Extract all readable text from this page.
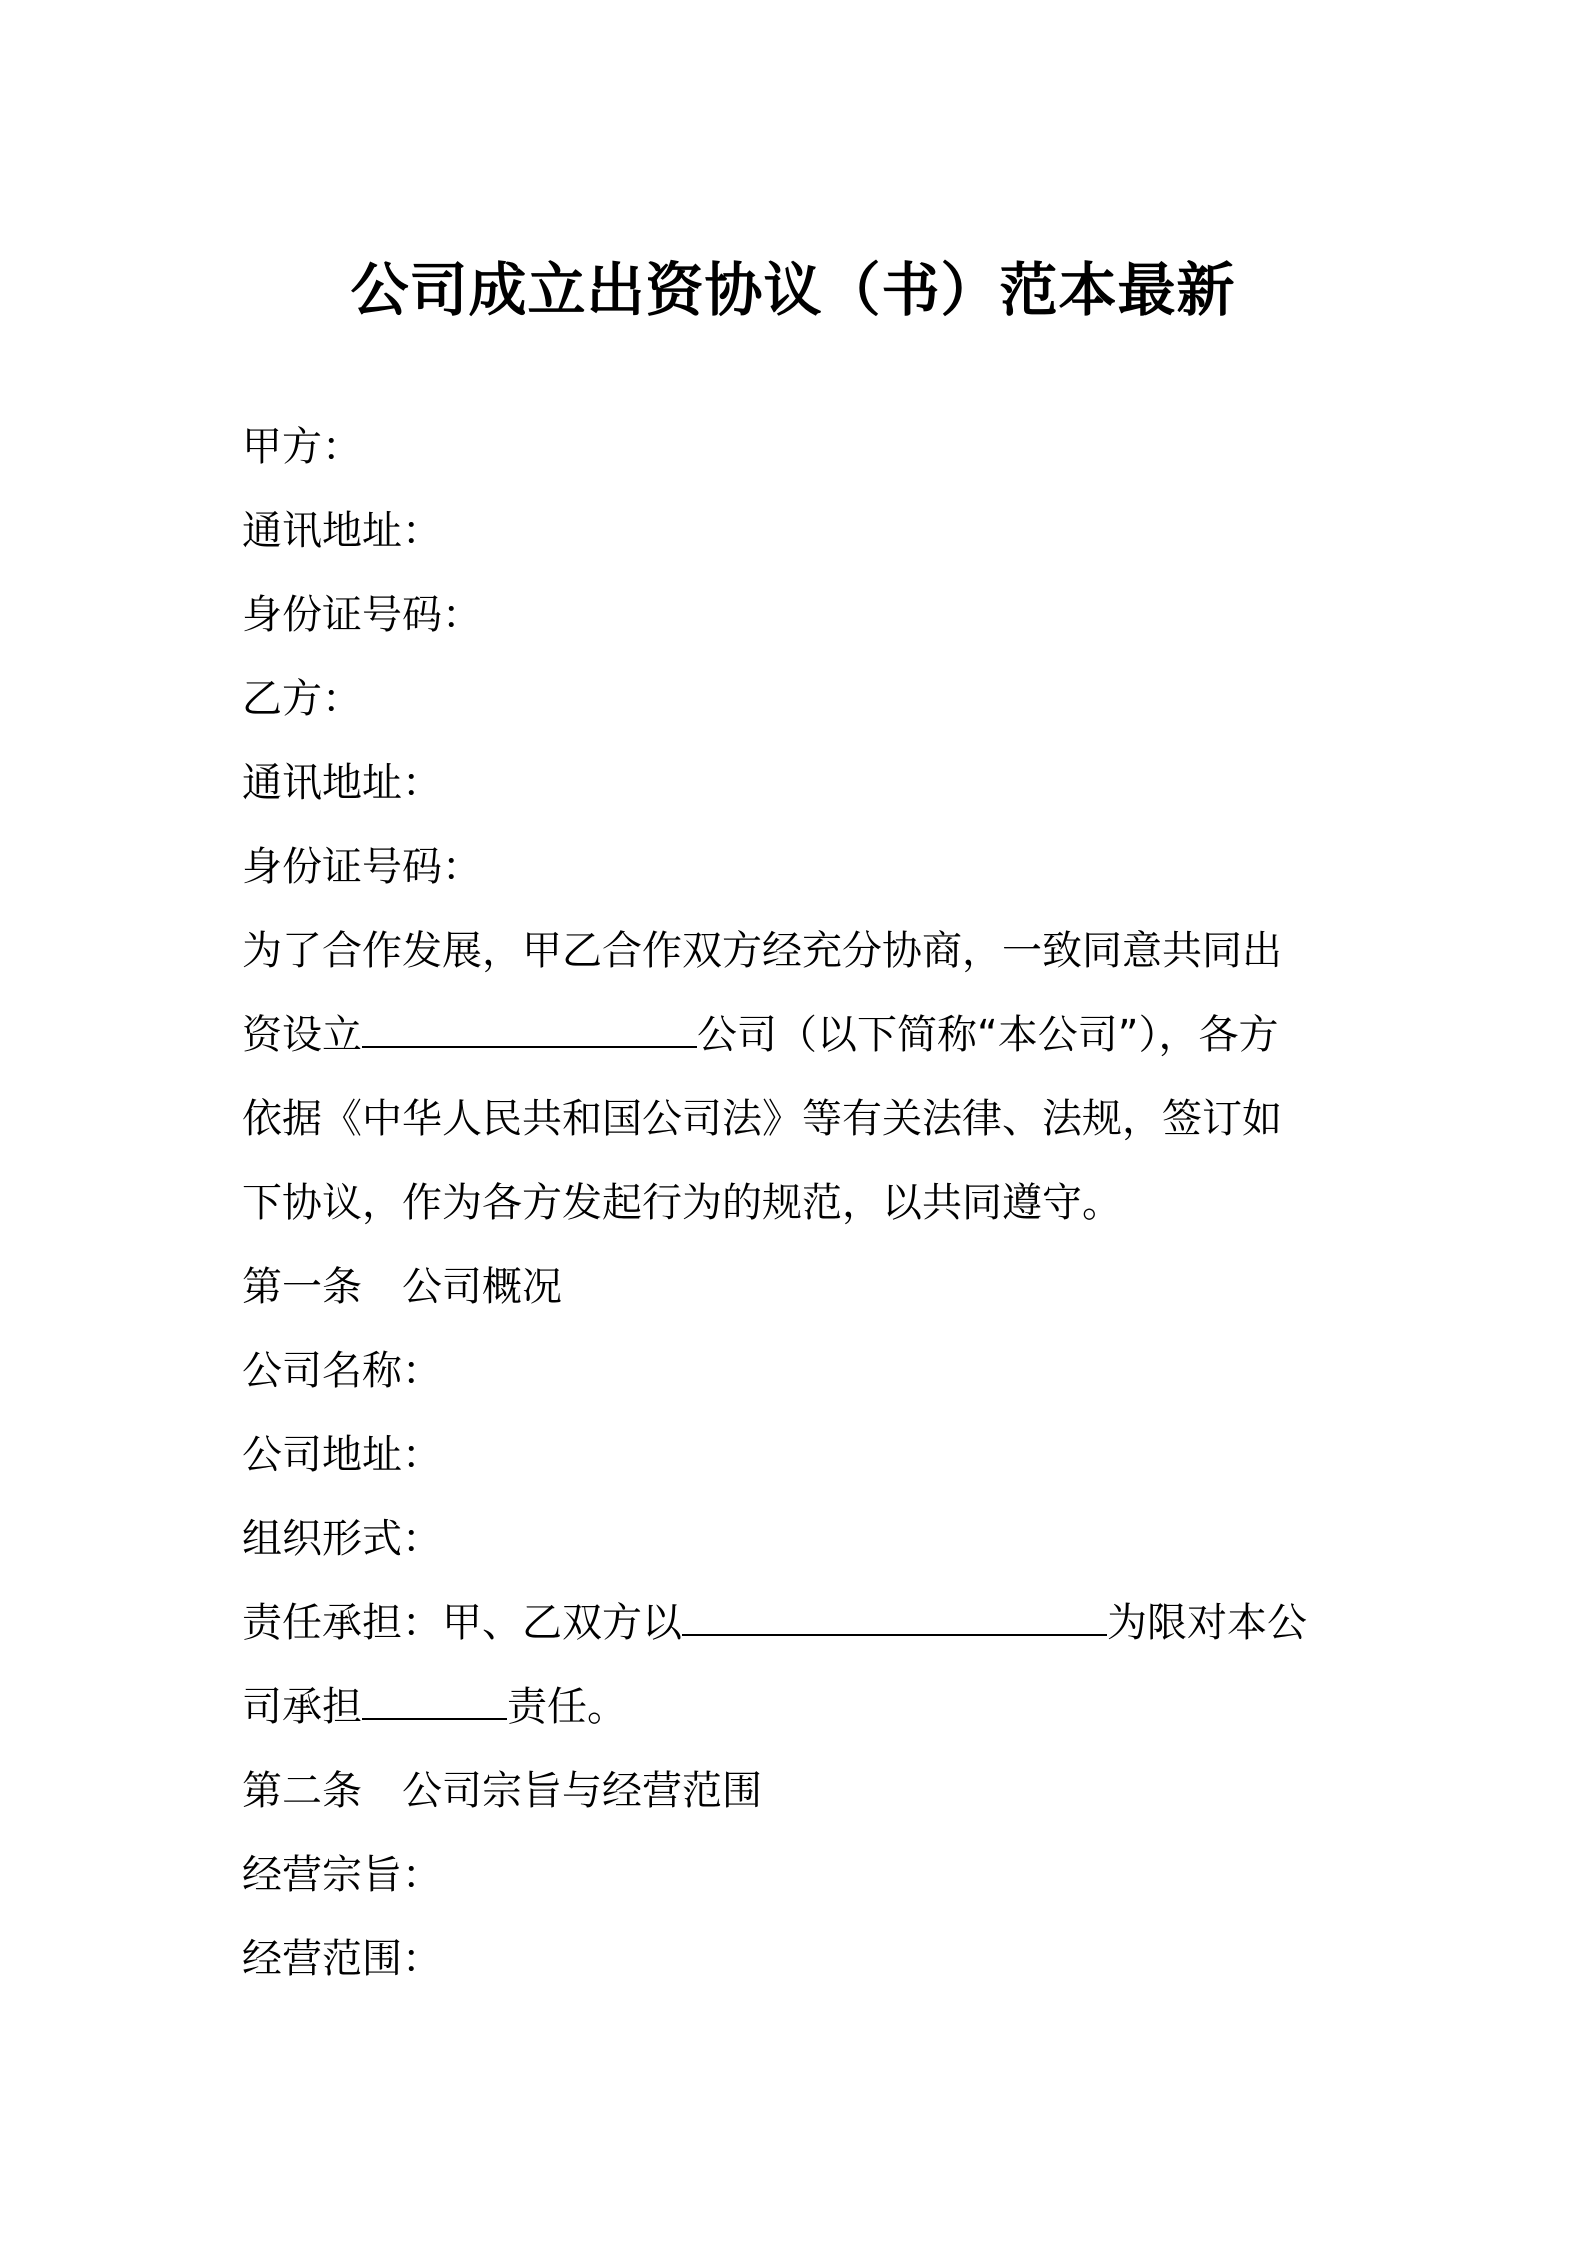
公司成立出资协议（书）范本最新
甲方：
通讯地址：
身份证号码：
乙方：
通讯地址：
身份证号码：
为了合作发展，甲乙合作双方经充分协商，一致同意共同出
资设立	公司（以下简称“本公司”），各方
依据《中华人民共和国公司法》等有关法律、法规，签订如
下协议，作为各方发起行为的规范，以共同遵守。
第一条　公司概况
公司名称：
公司地址：
组织形式：
责任承担：甲、乙双方以	为限对本公
司承担	责任。
第二条　公司宗旨与经营范围
经营宗旨：
经营范围：
